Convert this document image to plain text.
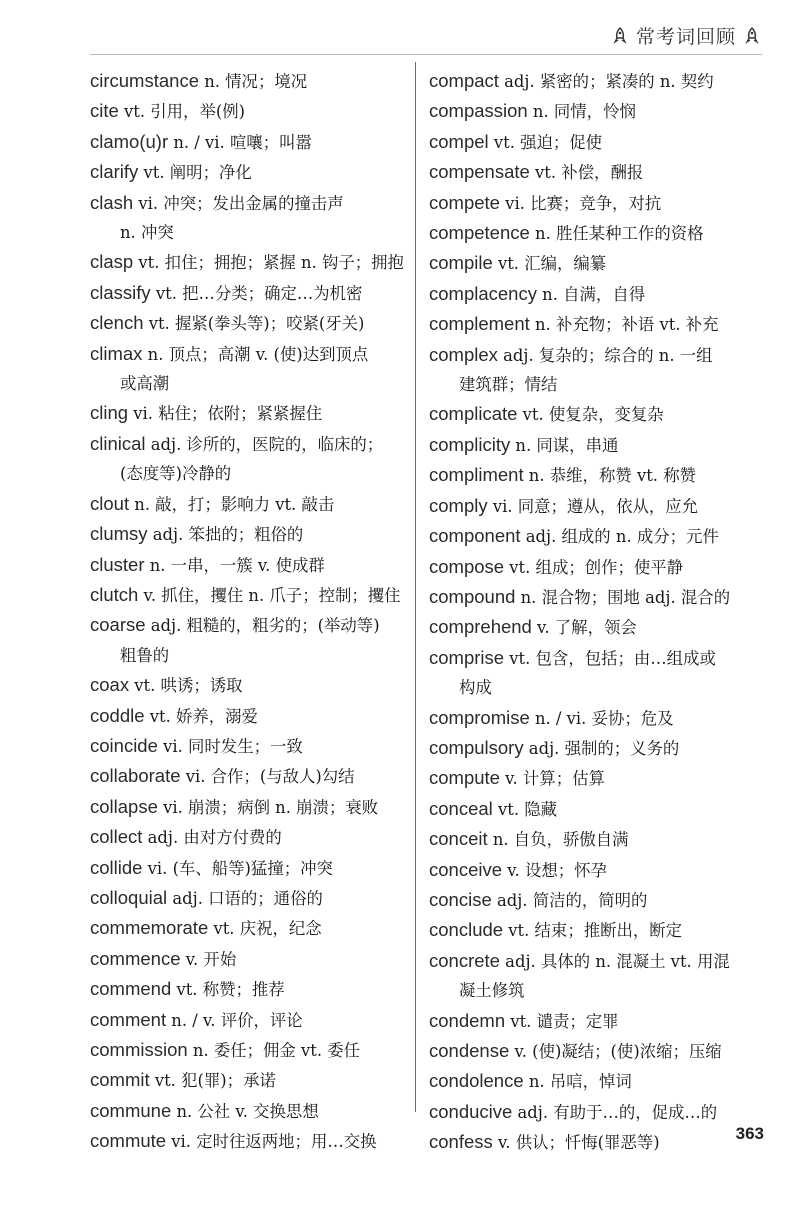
常考词回顾
circumstance n. 情况；境况
cite vt. 引用，举(例)
clamo(u)r n. / vi. 喧嚷；叫嚣
clarify vt. 阐明；净化
clash vi. 冲突；发出金属的撞击声
n. 冲突
clasp vt. 扣住；拥抱；紧握 n. 钩子；拥抱
classify vt. 把…分类；确定…为机密
clench vt. 握紧(拳头等)；咬紧(牙关)
climax n. 顶点；高潮 v. (使)达到顶点
或高潮
cling vi. 粘住；依附；紧紧握住
clinical adj. 诊所的，医院的，临床的；
(态度等)冷静的
clout n. 敲，打；影响力 vt. 敲击
clumsy adj. 笨拙的；粗俗的
cluster n. 一串，一簇 v. 使成群
clutch v. 抓住，攫住 n. 爪子；控制；攫住
coarse adj. 粗糙的，粗劣的；(举动等)
粗鲁的
coax vt. 哄诱；诱取
coddle vt. 娇养，溺爱
coincide vi. 同时发生；一致
collaborate vi. 合作；(与敌人)勾结
collapse vi. 崩溃；病倒 n. 崩溃；衰败
collect adj. 由对方付费的
collide vi. (车、船等)猛撞；冲突
colloquial adj. 口语的；通俗的
commemorate vt. 庆祝，纪念
commence v. 开始
commend vt. 称赞；推荐
comment n. / v. 评价，评论
commission n. 委任；佣金 vt. 委任
commit vt. 犯(罪)；承诺
commune n. 公社 v. 交换思想
commute vi. 定时往返两地；用…交换
compact adj. 紧密的；紧凑的 n. 契约
compassion n. 同情，怜悯
compel vt. 强迫；促使
compensate vt. 补偿，酬报
compete vi. 比赛；竞争，对抗
competence n. 胜任某种工作的资格
compile vt. 汇编，编纂
complacency n. 自满，自得
complement n. 补充物；补语 vt. 补充
complex adj. 复杂的；综合的 n. 一组
建筑群；情结
complicate vt. 使复杂，变复杂
complicity n. 同谋，串通
compliment n. 恭维，称赞 vt. 称赞
comply vi. 同意；遵从，依从，应允
component adj. 组成的 n. 成分；元件
compose vt. 组成；创作；使平静
compound n. 混合物；围地 adj. 混合的
comprehend v. 了解，领会
comprise vt. 包含，包括；由…组成或
构成
compromise n. / vi. 妥协；危及
compulsory adj. 强制的；义务的
compute v. 计算；估算
conceal vt. 隐藏
conceit n. 自负，骄傲自满
conceive v. 设想；怀孕
concise adj. 简洁的，简明的
conclude vt. 结束；推断出，断定
concrete adj. 具体的 n. 混凝土 vt. 用混
凝土修筑
condemn vt. 谴责；定罪
condense v. (使)凝结；(使)浓缩；压缩
condolence n. 吊唁，悼词
conducive adj. 有助于…的，促成…的
confess v. 供认；忏悔(罪恶等)	363
